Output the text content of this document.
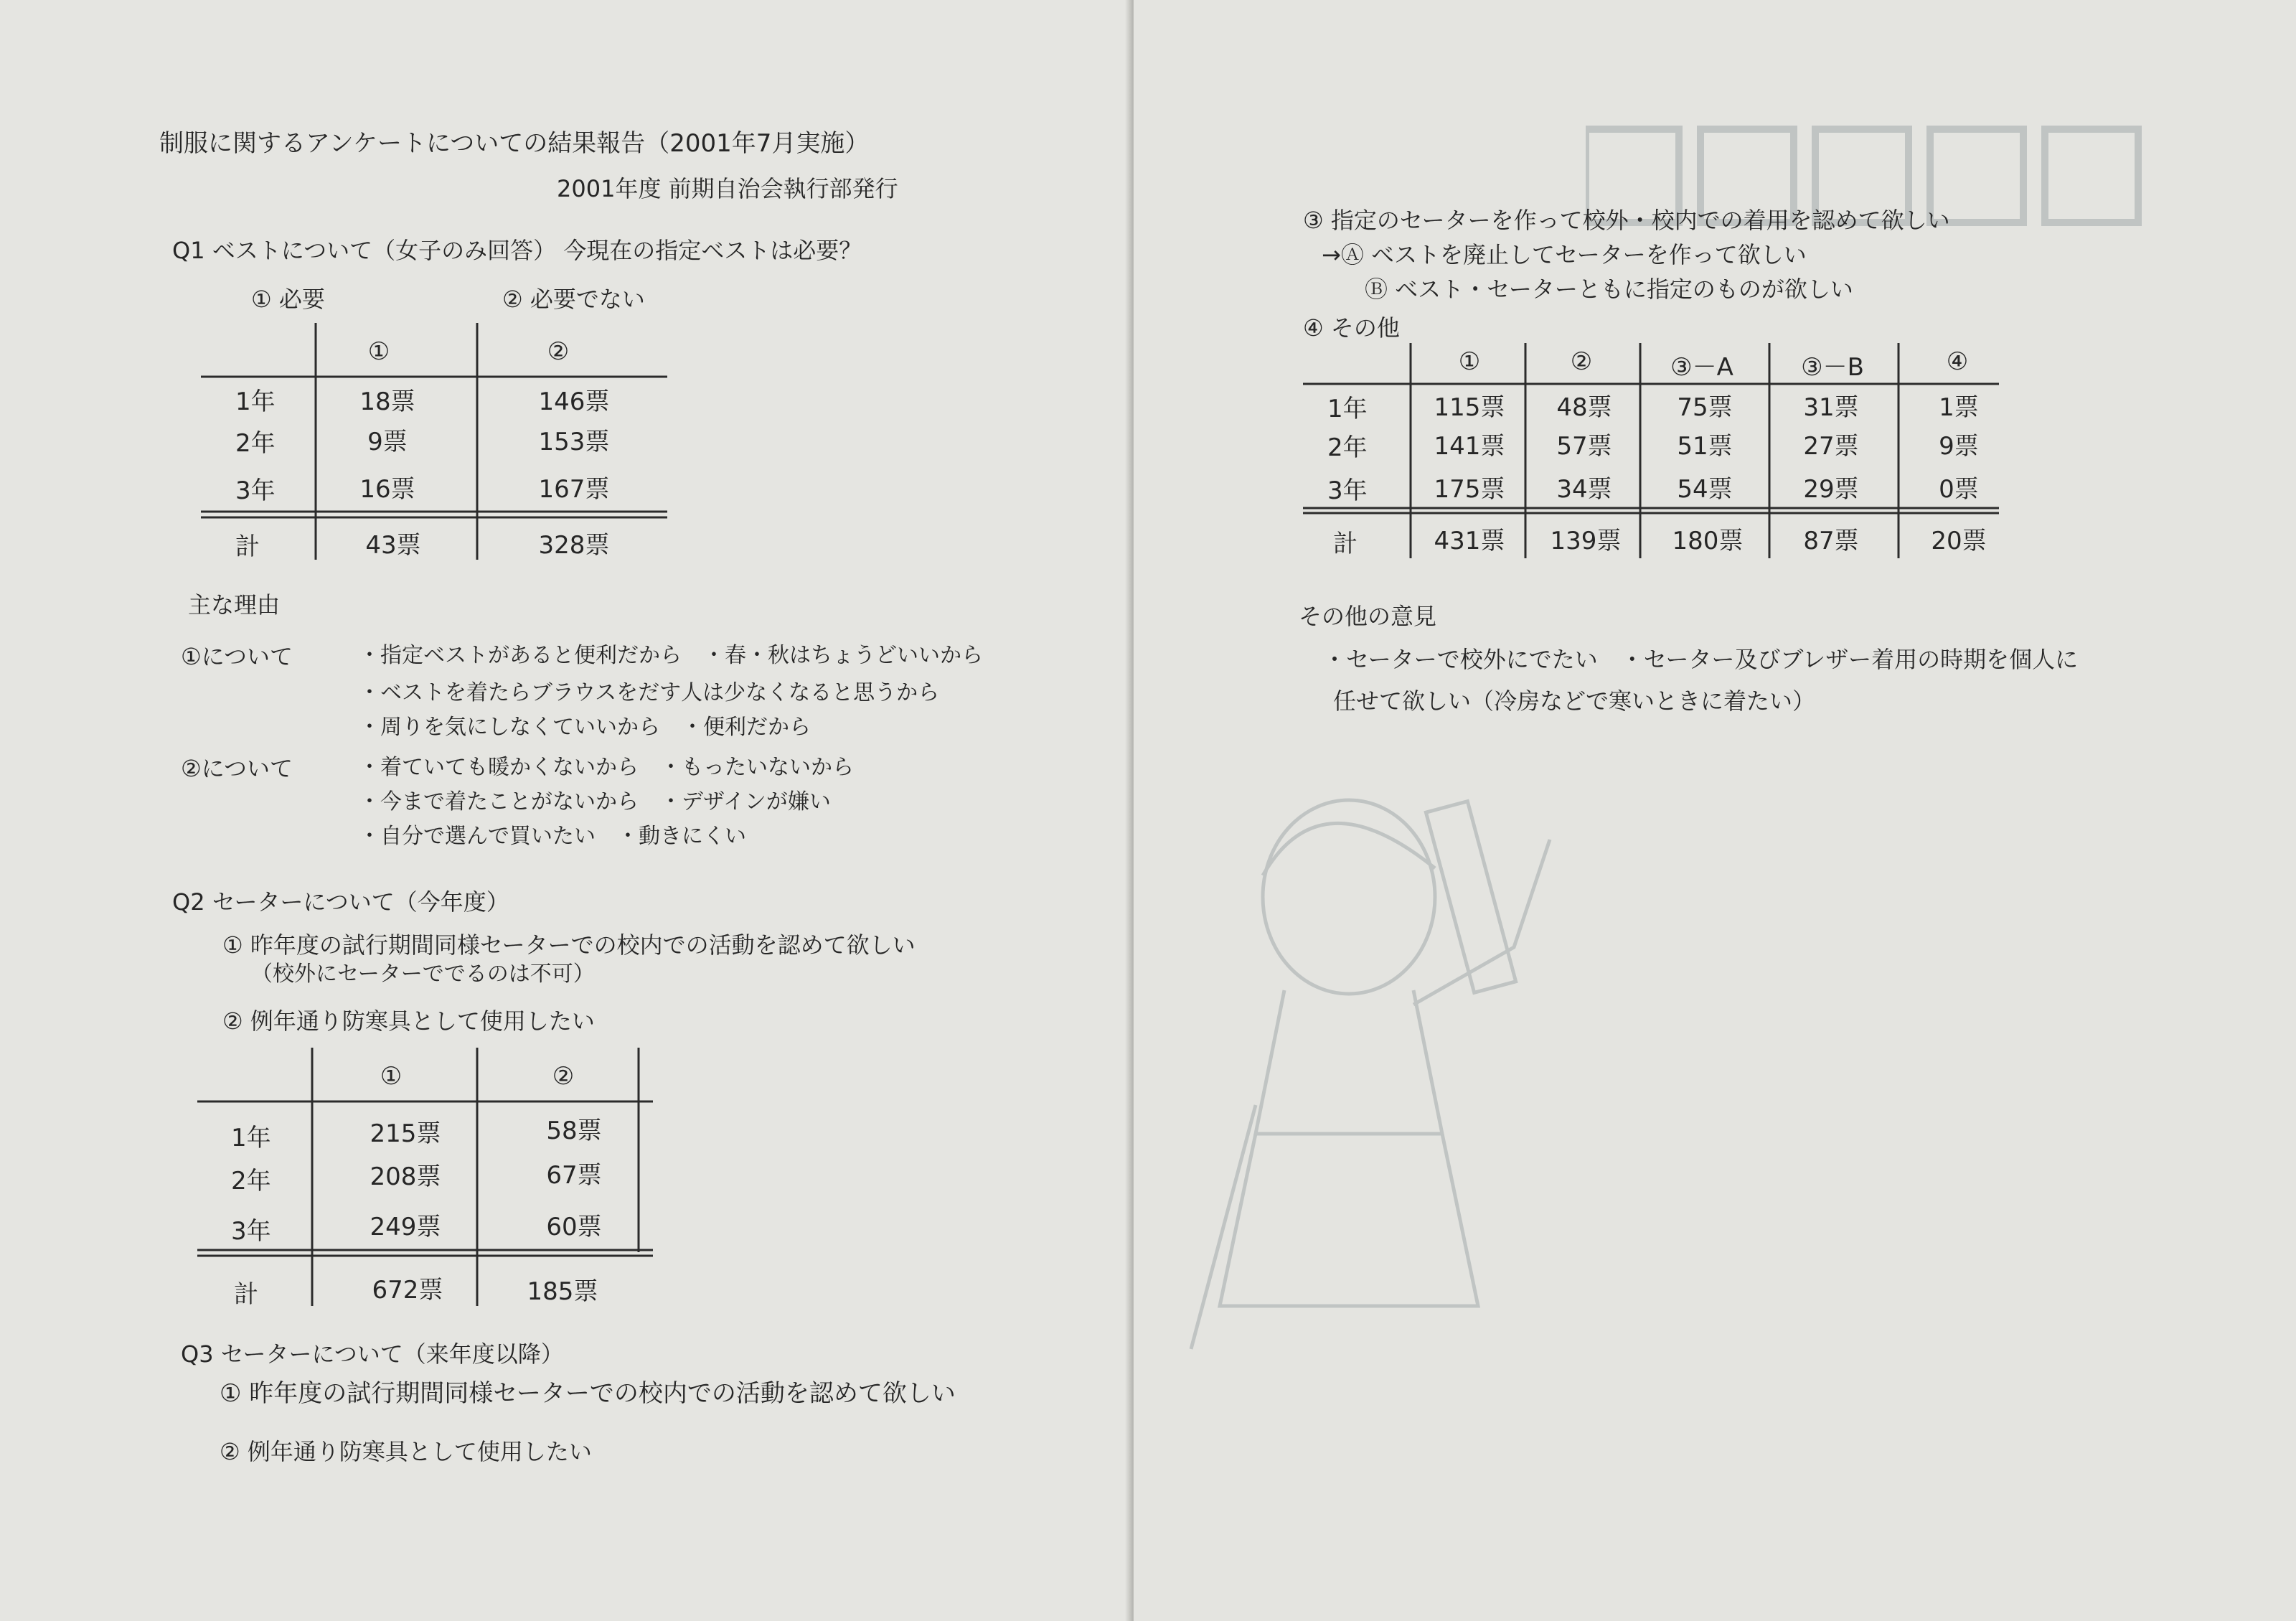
制服に関するアンケートについての結果報告（2001年7月実施）
2001年度 前期自治会執行部発行
Q1 ベストについて（女子のみ回答） 今現在の指定ベストは必要？
① 必要	② 必要でない
①	②
1年	18票	146票
2年	9票	153票
3年	16票	167票
計	43票	328票
主な理由
①について	・指定ベストがあると便利だから　・春・秋はちょうどいいから
・ベストを着たらブラウスをだす人は少なくなると思うから
・周りを気にしなくていいから　・便利だから
②について	・着ていても暖かくないから　・もったいないから
・今まで着たことがないから　・デザインが嫌い
・自分で選んで買いたい　・動きにくい
Q2 セーターについて（今年度）
① 昨年度の試行期間同様セーターでの校内での活動を認めて欲しい
（校外にセーターででるのは不可）
② 例年通り防寒具として使用したい
①	②
1年	215票	58票
2年	208票	67票
3年	249票	60票
計	672票	185票
Q3 セーターについて（来年度以降）
① 昨年度の試行期間同様セーターでの校内での活動を認めて欲しい
② 例年通り防寒具として使用したい
③ 指定のセーターを作って校外・校内での着用を認めて欲しい
→Ⓐ ベストを廃止してセーターを作って欲しい
Ⓑ ベスト・セーターともに指定のものが欲しい
④ その他
①	②	③－A	③－B	④
1年	115票 48票	75票	31票	1票
2年	141票 57票	51票	27票	9票
3年	175票 34票	54票	29票	0票
計	431票 139票 180票 87票	20票
その他の意見
・セーターで校外にでたい　・セーター及びブレザー着用の時期を個人に
任せて欲しい（冷房などで寒いときに着たい）
